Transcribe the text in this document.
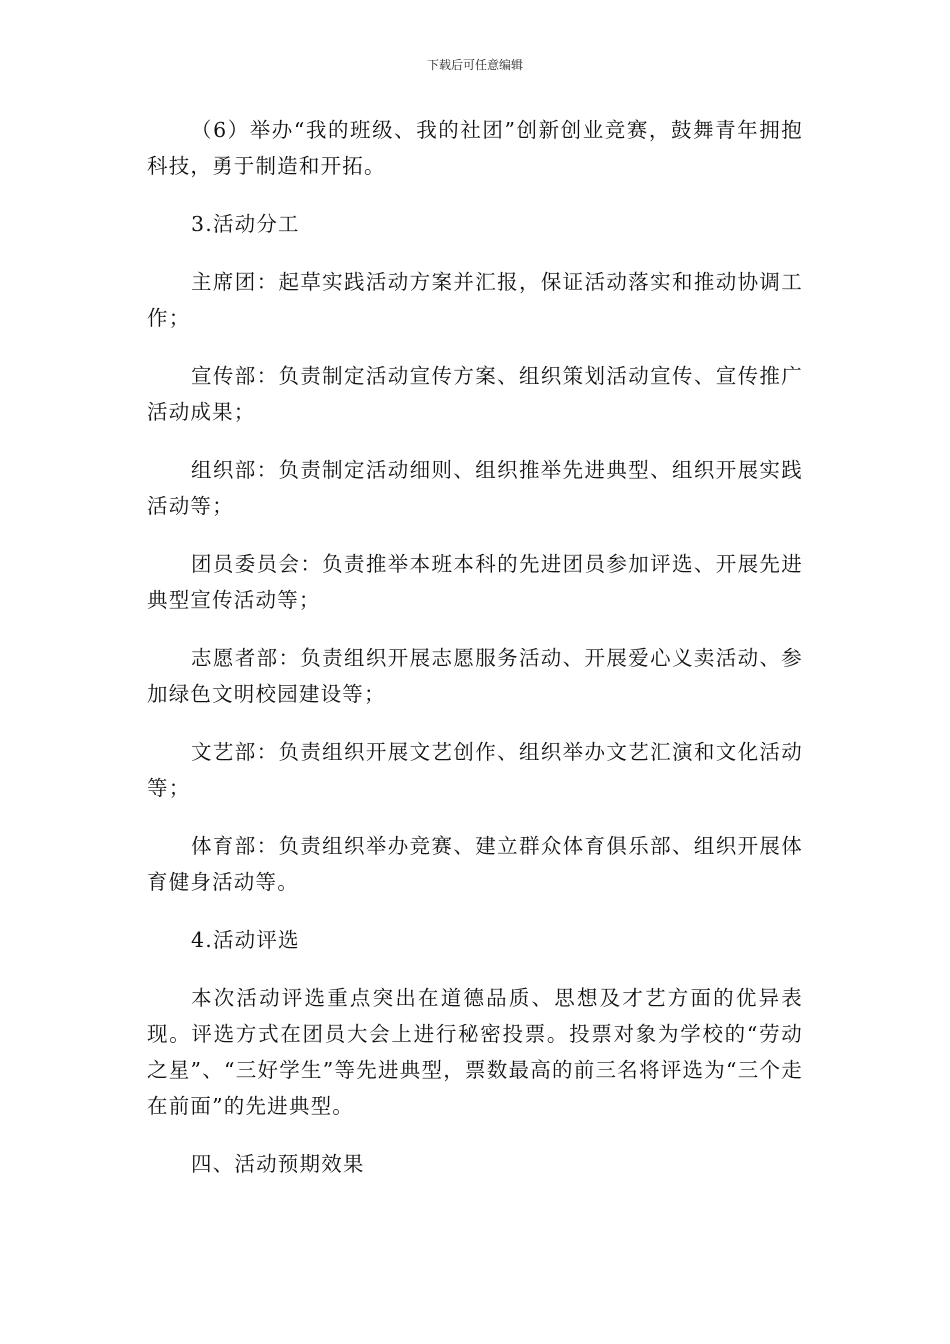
下载后可任意编辑

（6）举办“我的班级、我的社团”创新创业竞赛，鼓舞青年拥抱科技，勇于制造和开拓。

3.活动分工

主席团：起草实践活动方案并汇报，保证活动落实和推动协调工作；

宣传部：负责制定活动宣传方案、组织策划活动宣传、宣传推广活动成果；

组织部：负责制定活动细则、组织推举先进典型、组织开展实践活动等；

团员委员会：负责推举本班本科的先进团员参加评选、开展先进典型宣传活动等；

志愿者部：负责组织开展志愿服务活动、开展爱心义卖活动、参加绿色文明校园建设等；

文艺部：负责组织开展文艺创作、组织举办文艺汇演和文化活动等；

体育部：负责组织举办竞赛、建立群众体育俱乐部、组织开展体育健身活动等。

4.活动评选

本次活动评选重点突出在道德品质、思想及才艺方面的优异表现。评选方式在团员大会上进行秘密投票。投票对象为学校的“劳动之星”、“三好学生”等先进典型，票数最高的前三名将评选为“三个走在前面”的先进典型。

四、活动预期效果
